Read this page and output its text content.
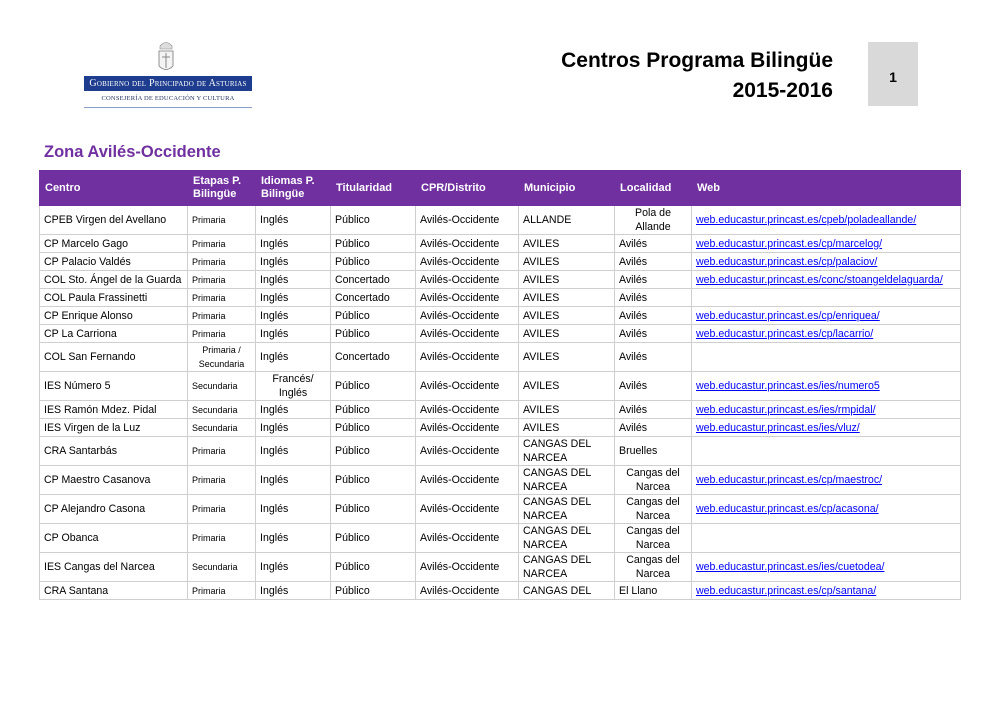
Gobierno del Principado de Asturias
CONSEJERÍA DE EDUCACIÓN Y CULTURA
Centros Programa Bilingüe
2015-2016
1
Zona Avilés-Occidente
Centro	Etapas P. Bilingüe	Idiomas P. Bilingüe	Titularidad	CPR/Distrito	Municipio	Localidad	Web
CPEB Virgen del Avellano	Primaria	Inglés	Público	Avilés-Occidente	ALLANDE	Pola de Allande	web.educastur.princast.es/cpeb/poladeallande/
CP Marcelo Gago	Primaria	Inglés	Público	Avilés-Occidente	AVILES	Avilés	web.educastur.princast.es/cp/marcelog/
CP Palacio Valdés	Primaria	Inglés	Público	Avilés-Occidente	AVILES	Avilés	web.educastur.princast.es/cp/palaciov/
COL Sto. Ángel de la Guarda	Primaria	Inglés	Concertado	Avilés-Occidente	AVILES	Avilés	web.educastur.princast.es/conc/stoangeldelaguarda/
COL Paula Frassinetti	Primaria	Inglés	Concertado	Avilés-Occidente	AVILES	Avilés	
CP Enrique Alonso	Primaria	Inglés	Público	Avilés-Occidente	AVILES	Avilés	web.educastur.princast.es/cp/enriquea/
CP La Carriona	Primaria	Inglés	Público	Avilés-Occidente	AVILES	Avilés	web.educastur.princast.es/cp/lacarrio/
COL San Fernando	Primaria / Secundaria	Inglés	Concertado	Avilés-Occidente	AVILES	Avilés	
IES Número 5	Secundaria	Francés/ Inglés	Público	Avilés-Occidente	AVILES	Avilés	web.educastur.princast.es/ies/numero5
IES Ramón Mdez. Pidal	Secundaria	Inglés	Público	Avilés-Occidente	AVILES	Avilés	web.educastur.princast.es/ies/rmpidal/
IES Virgen de la Luz	Secundaria	Inglés	Público	Avilés-Occidente	AVILES	Avilés	web.educastur.princast.es/ies/vluz/
CRA Santarbás	Primaria	Inglés	Público	Avilés-Occidente	CANGAS DEL NARCEA	Bruelles	
CP Maestro Casanova	Primaria	Inglés	Público	Avilés-Occidente	CANGAS DEL NARCEA	Cangas del Narcea	web.educastur.princast.es/cp/maestroc/
CP Alejandro Casona	Primaria	Inglés	Público	Avilés-Occidente	CANGAS DEL NARCEA	Cangas del Narcea	web.educastur.princast.es/cp/acasona/
CP Obanca	Primaria	Inglés	Público	Avilés-Occidente	CANGAS DEL NARCEA	Cangas del Narcea	
IES Cangas del Narcea	Secundaria	Inglés	Público	Avilés-Occidente	CANGAS DEL NARCEA	Cangas del Narcea	web.educastur.princast.es/ies/cuetodea/
CRA Santana	Primaria	Inglés	Público	Avilés-Occidente	CANGAS DEL	El Llano	web.educastur.princast.es/cp/santana/
